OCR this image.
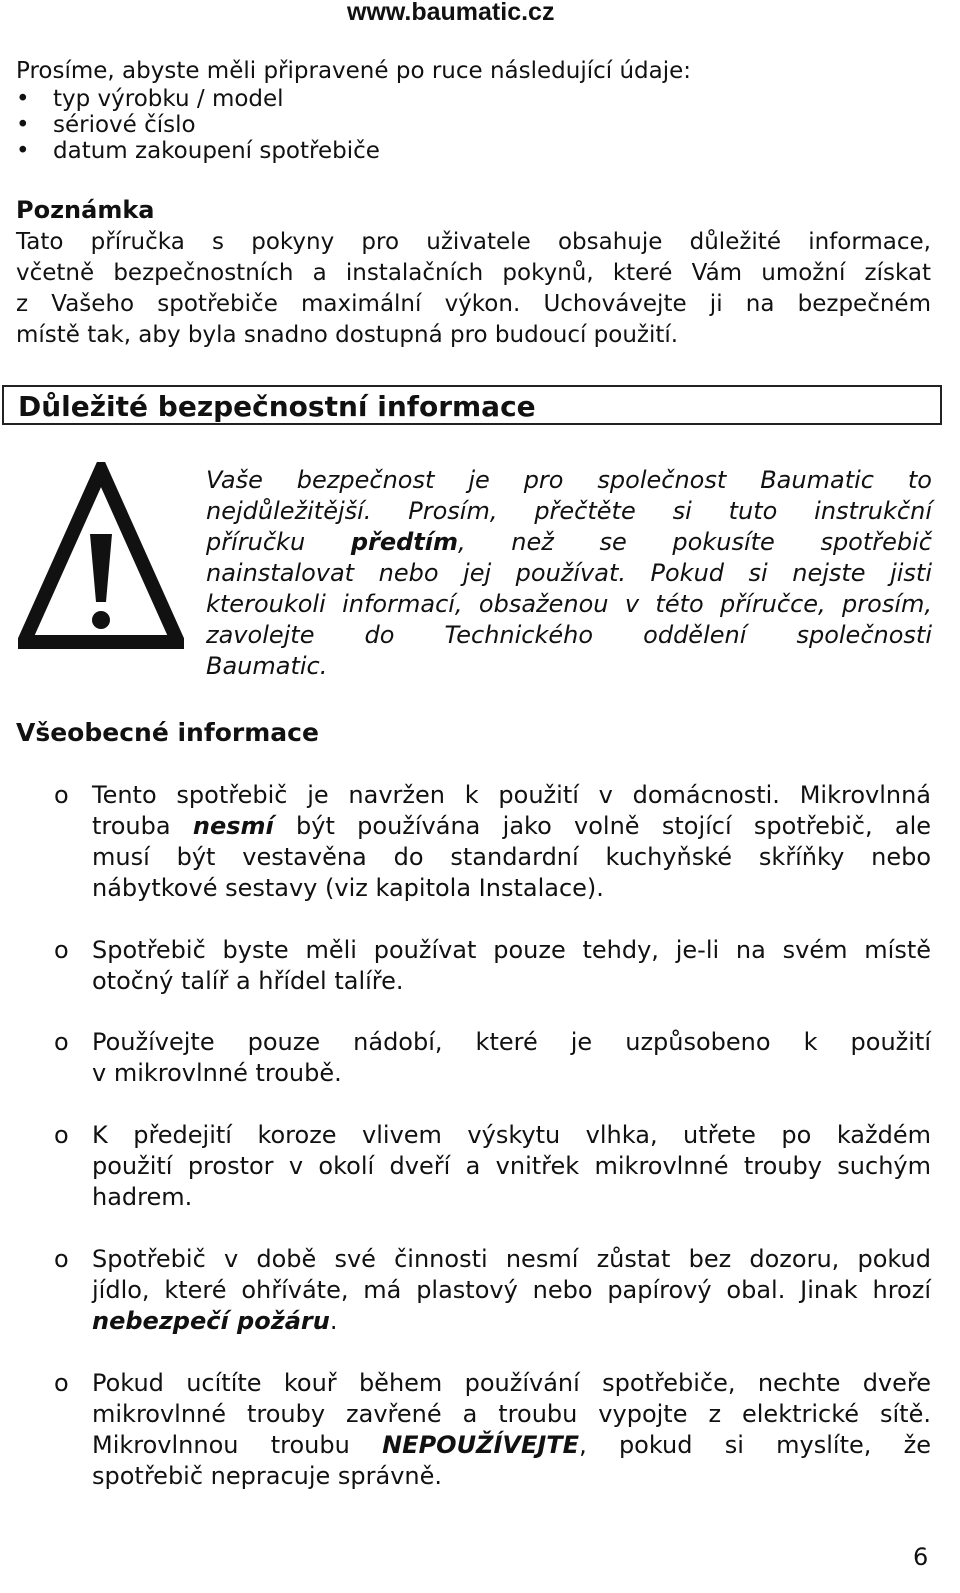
www.baumatic.cz
Prosíme, abyste měli připravené po ruce následující údaje:
• typ výrobku / model
• sériové číslo
• datum zakoupení spotřebiče
Poznámka
Tato příručka s pokyny pro uživatele obsahuje důležité informace,
včetně bezpečnostních a instalačních pokynů, které Vám umožní získat
z Vašeho spotřebiče maximální výkon. Uchovávejte ji na bezpečném
místě tak, aby byla snadno dostupná pro budoucí použití.
Důležité bezpečnostní informace
Vaše bezpečnost je pro společnost Baumatic to
nejdůležitější. Prosím, přečtěte si tuto instrukční
příručku předtím, než se pokusíte spotřebič
nainstalovat nebo jej používat. Pokud si nejste jisti
kteroukoli informací, obsaženou v této příručce, prosím,
zavolejte do Technického oddělení společnosti
Baumatic.
Všeobecné informace
o Tento spotřebič je navržen k použití v domácnosti. Mikrovlnná
trouba nesmí být používána jako volně stojící spotřebič, ale
musí být vestavěna do standardní kuchyňské skříňky nebo
nábytkové sestavy (viz kapitola Instalace).
o Spotřebič byste měli používat pouze tehdy, je-li na svém místě
otočný talíř a hřídel talíře.
o Používejte pouze nádobí, které je uzpůsobeno k použití
v mikrovlnné troubě.
o K předejití koroze vlivem výskytu vlhka, utřete po každém
použití prostor v okolí dveří a vnitřek mikrovlnné trouby suchým
hadrem.
o Spotřebič v době své činnosti nesmí zůstat bez dozoru, pokud
jídlo, které ohříváte, má plastový nebo papírový obal. Jinak hrozí
nebezpečí požáru.
o Pokud ucítíte kouř během používání spotřebiče, nechte dveře
mikrovlnné trouby zavřené a troubu vypojte z elektrické sítě.
Mikrovlnnou troubu NEPOUŽÍVEJTE, pokud si myslíte, že
spotřebič nepracuje správně.
6
